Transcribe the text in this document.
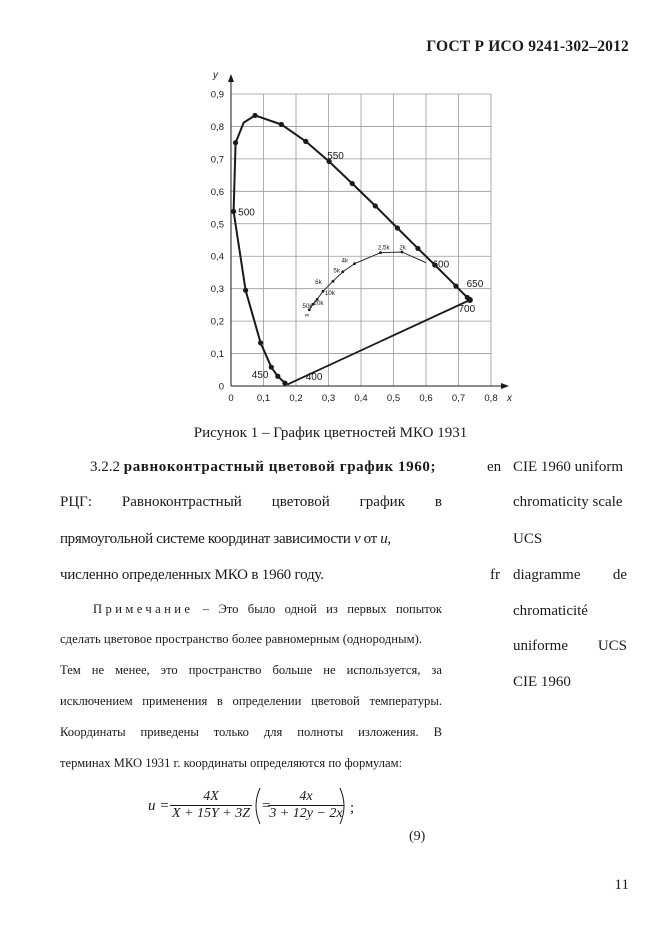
ГОСТ Р ИСО 9241-302–2012
0 0,1 0,2 0,3 0,4 0,5 0,6 0,7 0,8
0
0,1
0,2
0,3
0,4
0,5
0,6
0,7
0,8
0,9
x
y
450	400
500
550
600
650
700
∞
50k 20k
10k
6k
5k
4k
2,5k 2k
Рисунок 1 – График цветностей МКО 1931
3.2.2 равноконтрастный цветовой график 1960;
РЦГ: Равноконтрастный цветовой график в
прямоугольной системе координат зависимости v от u,
численно определенных МКО в 1960 году.
Примечание – Это было одной из первых попыток
сделать цветовое пространство более равномерным (однородным).
Тем не менее, это пространство больше не используется, за
исключением применения в определении цветовой температуры.
Координаты приведены только для полноты изложения. В
терминах МКО 1931 г. координаты определяются по формулам:
en CIE 1960 uniform
chromaticity scale
UCS
fr diagramme de
chromaticité
uniforme UCS
CIE 1960
$u = \frac{4X}{X + 15Y + 3Z}$ =
$\frac{4x}{3 + 12y - 2x}$ ;
(9)
11
